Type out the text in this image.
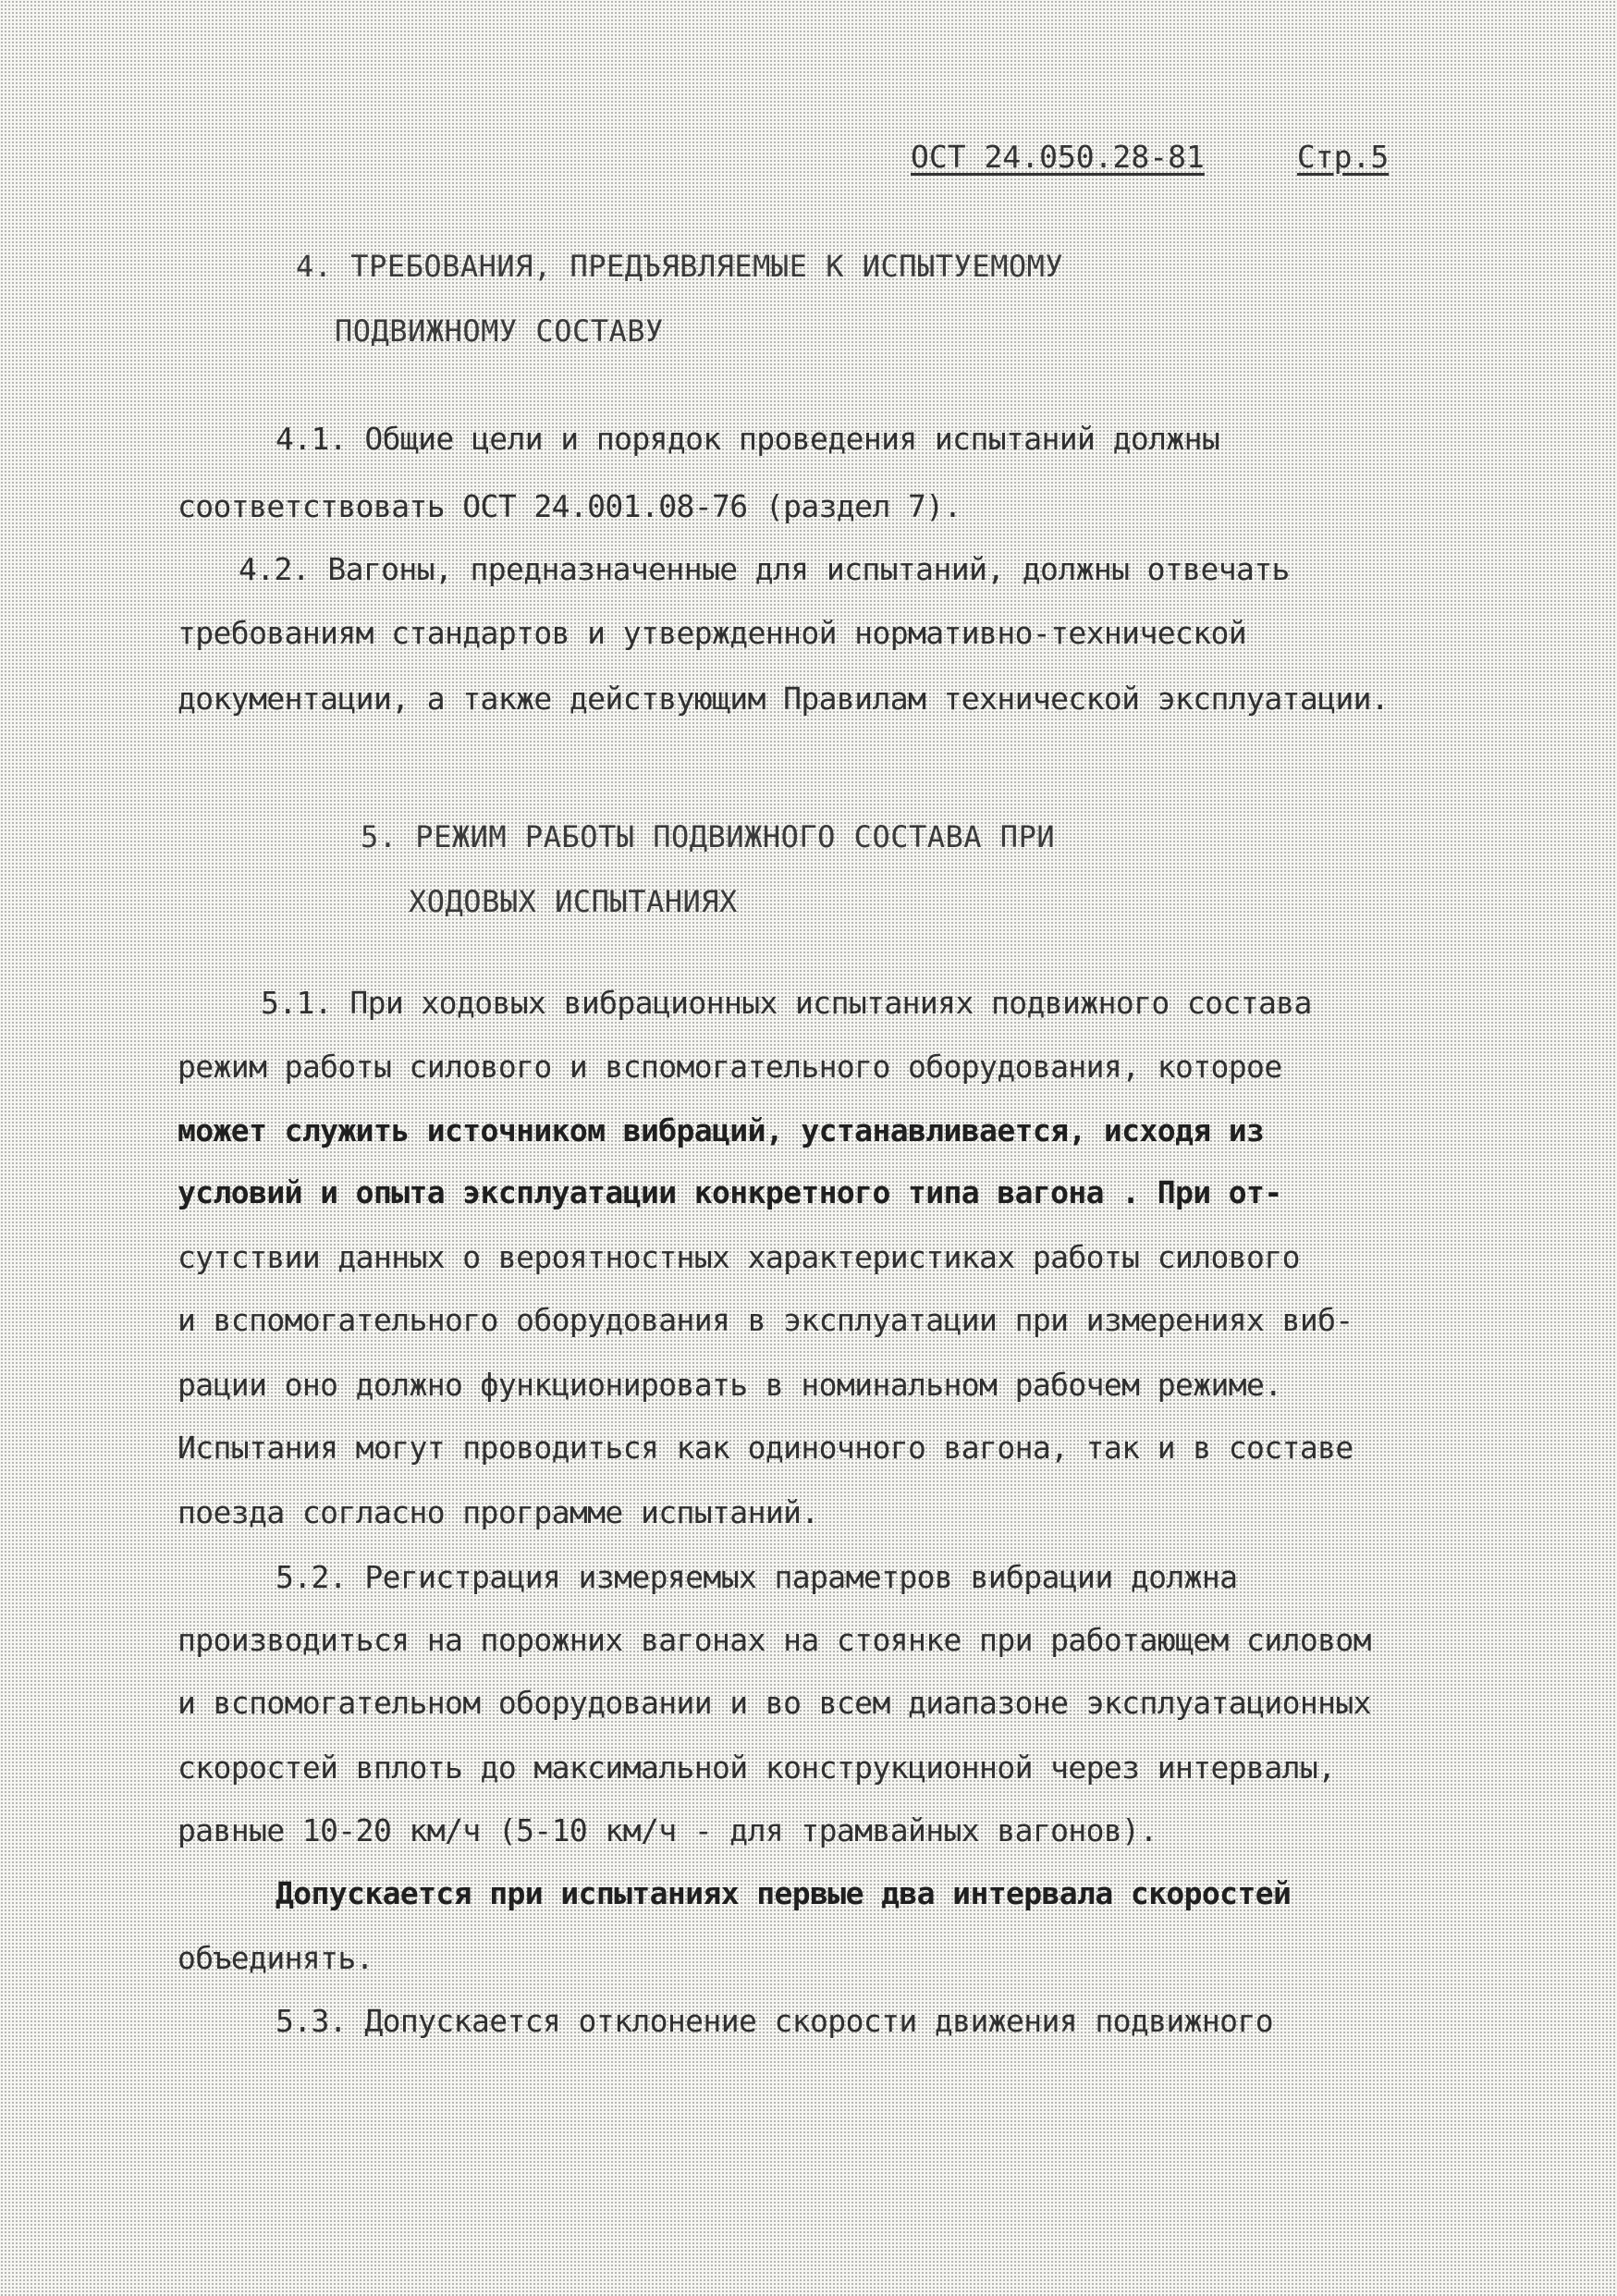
ОСТ 24.050.28-81	Стр.5
4. ТРЕБОВАНИЯ, ПРЕДЪЯВЛЯЕМЫЕ К ИСПЫТУЕМОМУ
ПОДВИЖНОМУ СОСТАВУ
4.1. Общие цели и порядок проведения испытаний должны
соответствовать ОСТ 24.001.08-76 (раздел 7).
4.2. Вагоны, предназначенные для испытаний, должны отвечать
требованиям стандартов и утвержденной нормативно-технической
документации, а также действующим Правилам технической эксплуатации.
5. РЕЖИМ РАБОТЫ ПОДВИЖНОГО СОСТАВА ПРИ
ХОДОВЫХ ИСПЫТАНИЯХ
5.1. При ходовых вибрационных испытаниях подвижного состава
режим работы силового и вспомогательного оборудования, которое
может служить источником вибраций, устанавливается, исходя из
условий и опыта эксплуатации конкретного типа вагона . При от-
сутствии данных о вероятностных характеристиках работы силового
и вспомогательного оборудования в эксплуатации при измерениях виб-
рации оно должно функционировать в номинальном рабочем режиме.
Испытания могут проводиться как одиночного вагона, так и в составе
поезда согласно программе испытаний.
5.2. Регистрация измеряемых параметров вибрации должна
производиться на порожних вагонах на стоянке при работающем силовом
и вспомогательном оборудовании и во всем диапазоне эксплуатационных
скоростей вплоть до максимальной конструкционной через интервалы,
равные 10-20 км/ч (5-10 км/ч - для трамвайных вагонов).
Допускается при испытаниях первые два интервала скоростей
объединять.
5.3. Допускается отклонение скорости движения подвижного
